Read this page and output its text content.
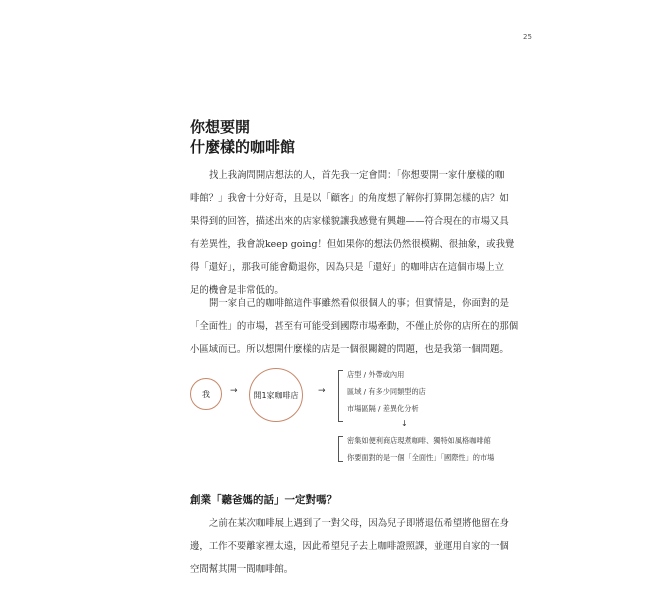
25
你想要開
什麼樣的咖啡館
找上我詢問開店想法的人，首先我一定會問：「你想要開一家什麼樣的咖
啡館？」我會十分好奇，且是以「顧客」的角度想了解你打算開怎樣的店？如
果得到的回答，描述出來的店家樣貌讓我感覺有興趣——符合現在的市場又具
有差異性，我會說keep going！但如果你的想法仍然很模糊、很抽象，或我覺
得「還好」，那我可能會勸退你，因為只是「還好」的咖啡店在這個市場上立
足的機會是非常低的。
開一家自己的咖啡館這件事雖然看似很個人的事；但實情是，你面對的是
「全面性」的市場，甚至有可能受到國際市場牽動，不僅止於你的店所在的那個
小區域而已。所以想開什麼樣的店是一個很關鍵的問題，也是我第一個問題。
我	→	開1家咖啡店	→
店型 / 外帶或內用
區域 / 有多少同類型的店
市場區隔 / 差異化分析
↓
密集如便利商店現煮咖啡、獨特如風格咖啡館
你要面對的是一個「全面性」「國際性」的市場
創業「聽爸媽的話」一定對嗎？
之前在某次咖啡展上遇到了一對父母，因為兒子即將退伍希望將他留在身
邊，工作不要離家裡太遠，因此希望兒子去上咖啡證照課，並運用自家的一個
空間幫其開一間咖啡館。
